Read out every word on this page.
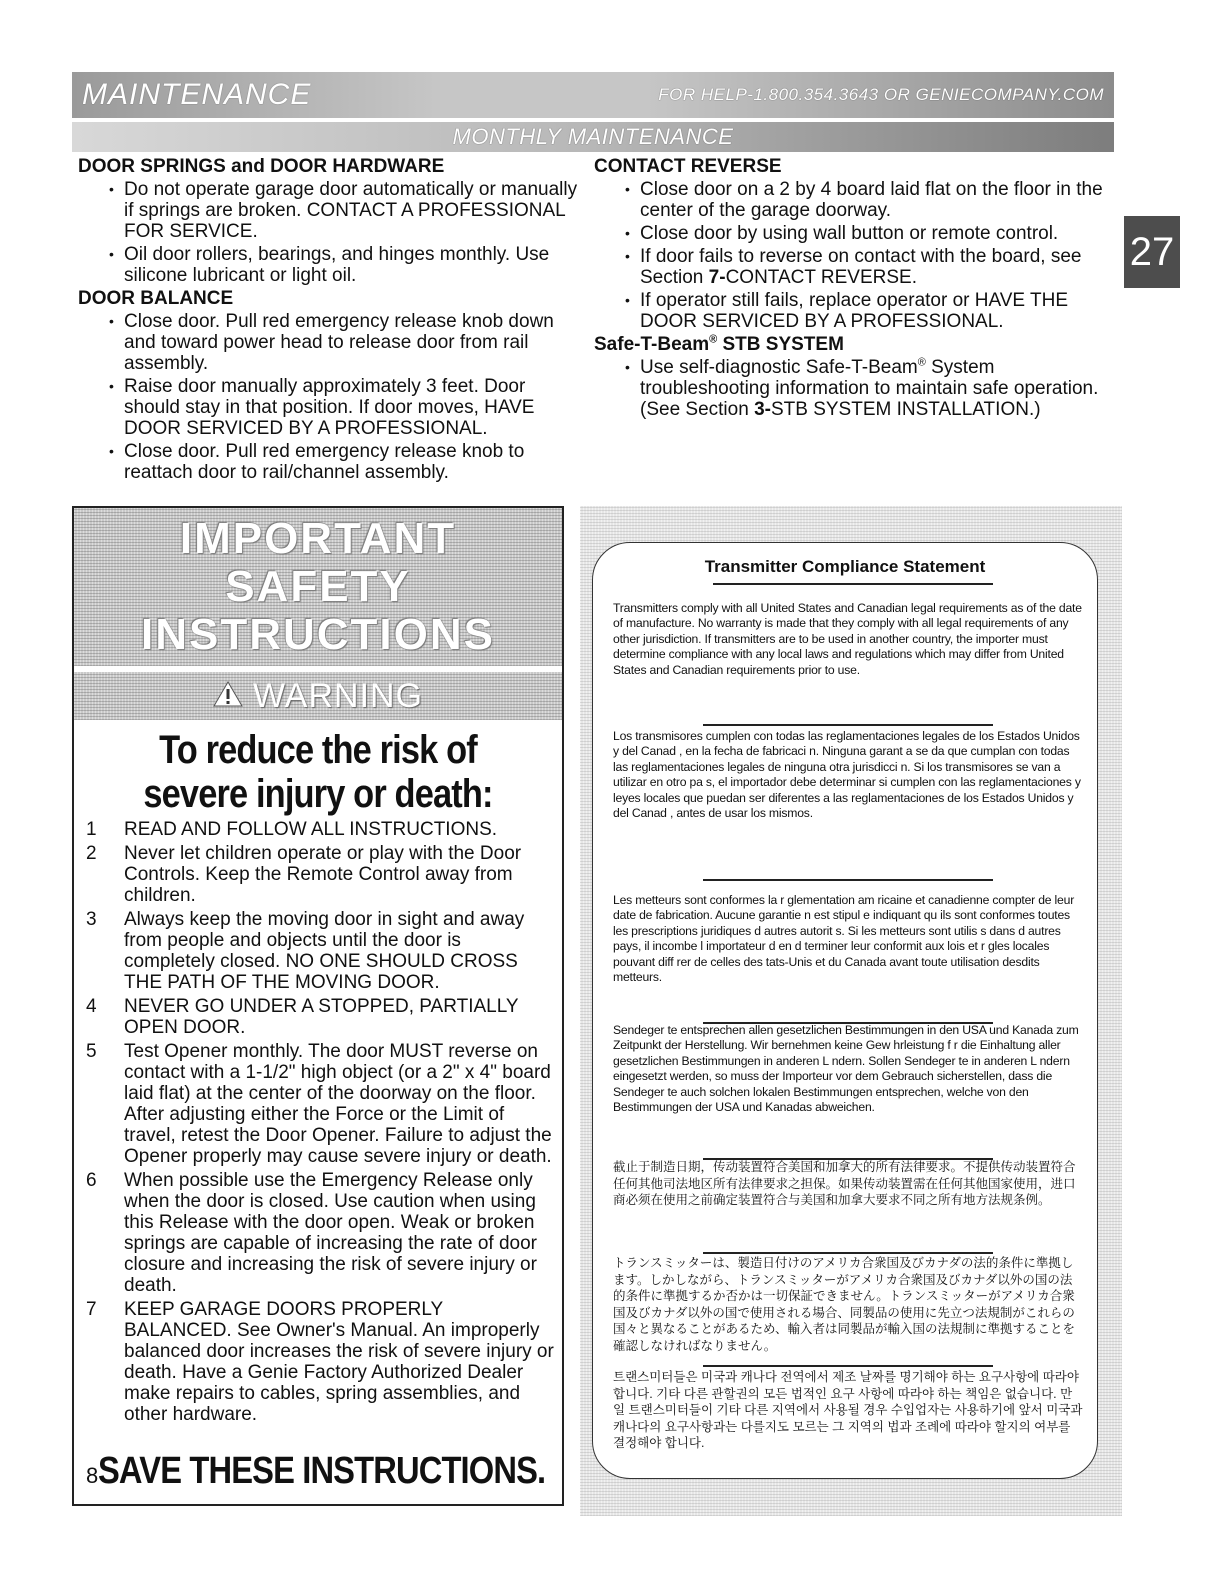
MAINTENANCE	FOR HELP-1.800.354.3643 OR GENIECOMPANY.COM
MONTHLY MAINTENANCE
27
DOOR SPRINGS and DOOR HARDWARE
• Do not operate garage door automatically or manually if springs are broken. CONTACT A PROFESSIONAL FOR SERVICE.
• Oil door rollers, bearings, and hinges monthly. Use silicone lubricant or light oil.
DOOR BALANCE
• Close door. Pull red emergency release knob down and toward power head to release door from rail assembly.
• Raise door manually approximately 3 feet. Door should stay in that position. If door moves, HAVE DOOR SERVICED BY A PROFESSIONAL.
• Close door. Pull red emergency release knob to reattach door to rail/channel assembly.
CONTACT REVERSE
• Close door on a 2 by 4 board laid flat on the floor in the center of the garage doorway.
• Close door by using wall button or remote control.
• If door fails to reverse on contact with the board, see Section 7-CONTACT REVERSE.
• If operator still fails, replace operator or HAVE THE DOOR SERVICED BY A PROFESSIONAL.
Safe-T-Beam® STB SYSTEM
• Use self-diagnostic Safe-T-Beam® System troubleshooting information to maintain safe operation.
(See Section 3-STB SYSTEM INSTALLATION.)
IMPORTANT
SAFETY
INSTRUCTIONS
WARNING
To reduce the risk of
severe injury or death:
1	READ AND FOLLOW ALL INSTRUCTIONS.
2	Never let children operate or play with the Door Controls. Keep the Remote Control away from children.
3	Always keep the moving door in sight and away from people and objects until the door is completely closed. NO ONE SHOULD CROSS THE PATH OF THE MOVING DOOR.
4	NEVER GO UNDER A STOPPED, PARTIALLY OPEN DOOR.
5	Test Opener monthly. The door MUST reverse on contact with a 1-1/2" high object (or a 2" x 4" board laid flat) at the center of the doorway on the floor. After adjusting either the Force or the Limit of travel, retest the Door Opener. Failure to adjust the Opener properly may cause severe injury or death.
6	When possible use the Emergency Release only when the door is closed. Use caution when using this Release with the door open. Weak or broken springs are capable of increasing the rate of door closure and increasing the risk of severe injury or death.
7	KEEP GARAGE DOORS PROPERLY BALANCED. See Owner's Manual. An improperly balanced door increases the risk of severe injury or death. Have a Genie Factory Authorized Dealer make repairs to cables, spring assemblies, and other hardware.
8 SAVE THESE INSTRUCTIONS.
Transmitter Compliance Statement
Transmitters comply with all United States and Canadian legal requirements as of the date of manufacture. No warranty is made that they comply with all legal requirements of any other jurisdiction. If transmitters are to be used in another country, the importer must determine compliance with any local laws and regulations which may differ from United States and Canadian requirements prior to use.
Los transmisores cumplen con todas las reglamentaciones legales de los Estados Unidos y del Canad , en la fecha de fabricaci n. Ninguna garant a se da que cumplan con todas las reglamentaciones legales de ninguna otra jurisdicci n. Si los transmisores se van a utilizar en otro pa s, el importador debe determinar si cumplen con las reglamentaciones y leyes locales que puedan ser diferentes a las reglamentaciones de los Estados Unidos y del Canad , antes de usar los mismos.
Les metteurs sont conformes la r glementation am ricaine et canadienne compter de leur date de fabrication. Aucune garantie n est stipul e indiquant qu ils sont conformes toutes les prescriptions juridiques d autres autorit s. Si les metteurs sont utilis s dans d autres pays, il incombe l importateur d en d terminer leur conformit aux lois et r gles locales pouvant diff rer de celles des tats-Unis et du Canada avant toute utilisation desdits metteurs.
Sendeger te entsprechen allen gesetzlichen Bestimmungen in den USA und Kanada zum Zeitpunkt der Herstellung. Wir bernehmen keine Gew hrleistung f r die Einhaltung aller gesetzlichen Bestimmungen in anderen L ndern. Sollen Sendeger te in anderen L ndern eingesetzt werden, so muss der Importeur vor dem Gebrauch sicherstellen, dass die Sendeger te auch solchen lokalen Bestimmungen entsprechen, welche von den Bestimmungen der USA und Kanadas abweichen.
截止于制造日期，传动装置符合美国和加拿大的所有法律要求。不提供传动装置符合任何其他司法地区所有法律要求之担保。如果传动装置需在任何其他国家使用，进口商必须在使用之前确定装置符合与美国和加拿大要求不同之所有地方法规条例。
トランスミッターは、製造日付けのアメリカ合衆国及びカナダの法的条件に準拠します。しかしながら、トランスミッターがアメリカ合衆国及びカナダ以外の国の法的条件に準拠するか否かは一切保証できません。トランスミッターがアメリカ合衆国及びカナダ以外の国で使用される場合、同製品の使用に先立つ法規制がこれらの国々と異なることがあるため、輸入者は同製品が輸入国の法規制に準拠することを確認しなければなりません。
트랜스미터들은 미국과 캐나다 전역에서 제조 날짜를 명기해야 하는 요구사항에 따라야 합니다. 기타 다른 관할권의 모든 법적인 요구 사항에 따라야 하는 책임은 없습니다. 만일 트랜스미터들이 기타 다른 지역에서 사용될 경우 수입업자는 사용하기에 앞서 미국과 캐나다의 요구사항과는 다를지도 모르는 그 지역의 법과 조례에 따라야 할지의 여부를 결정해야 합니다.
